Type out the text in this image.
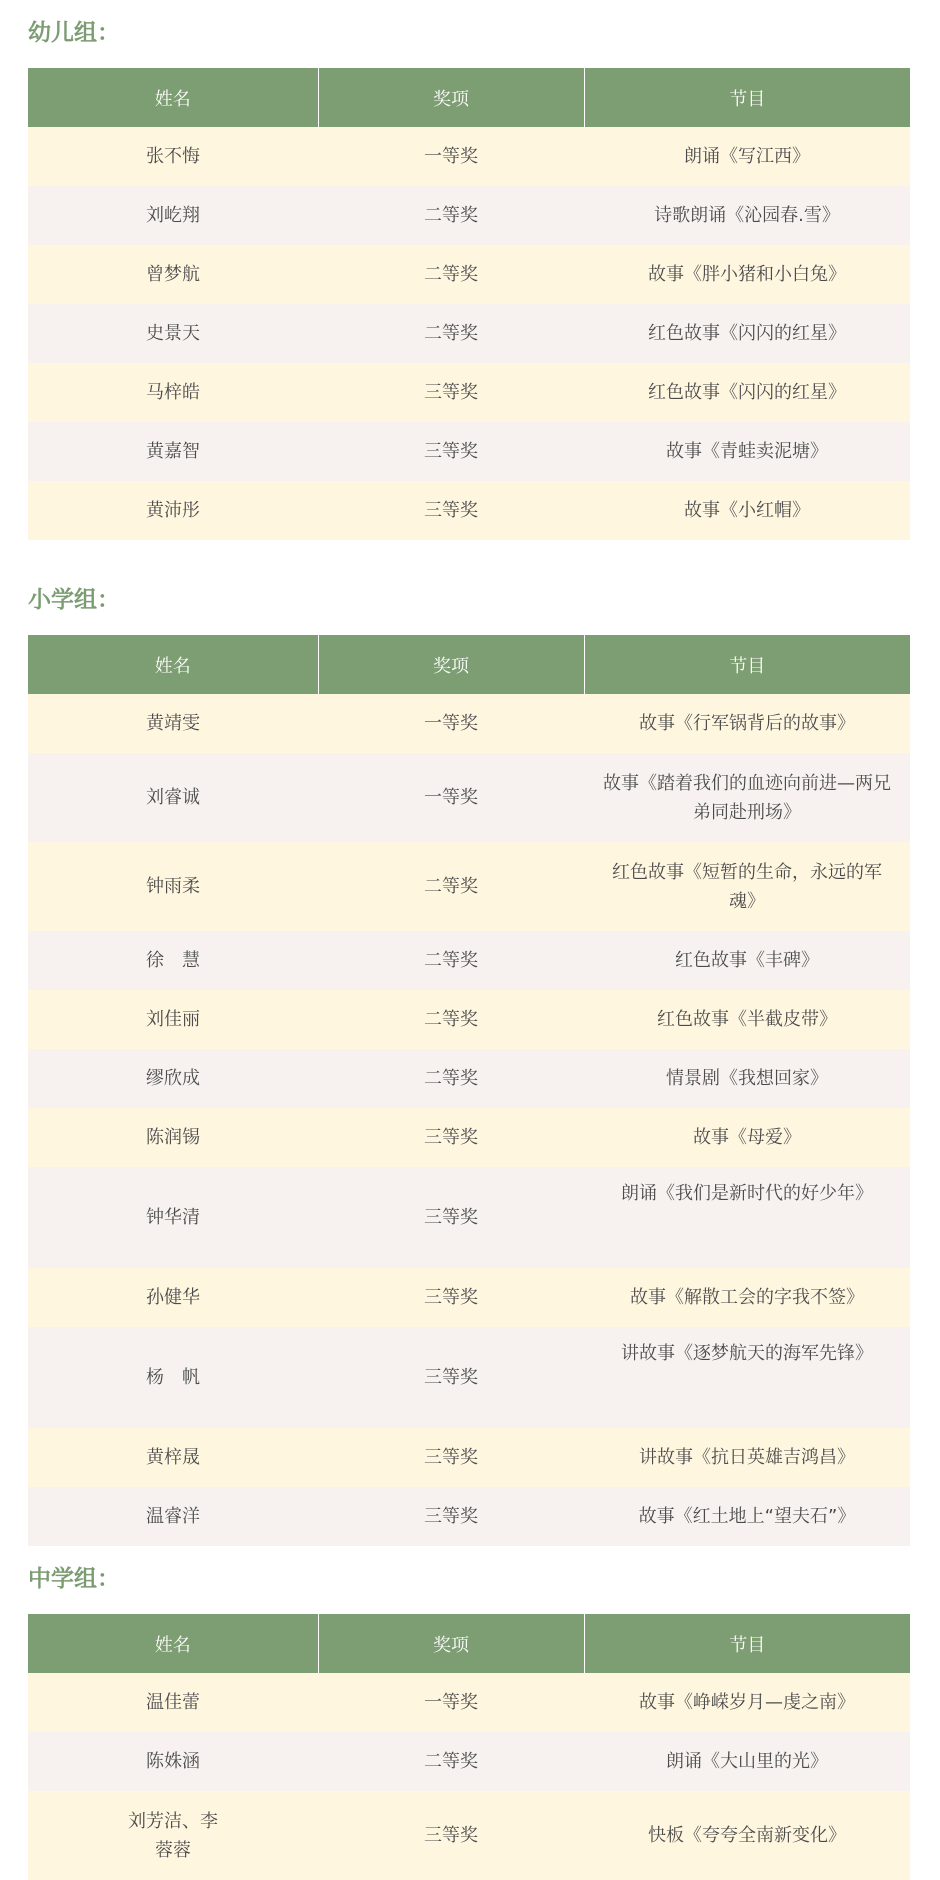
幼儿组：
姓名	奖项	节目
张不悔	一等奖	朗诵《写江西》
刘屹翔	二等奖	诗歌朗诵《沁园春.雪》
曾梦航	二等奖	故事《胖小猪和小白兔》
史景天	二等奖	红色故事《闪闪的红星》
马梓皓	三等奖	红色故事《闪闪的红星》
黄嘉智	三等奖	故事《青蛙卖泥塘》
黄沛彤	三等奖	故事《小红帽》
小学组：
姓名	奖项	节目
黄靖雯	一等奖	故事《行军锅背后的故事》
刘睿诚	一等奖	故事《踏着我们的血迹向前进—两兄弟同赴刑场》
钟雨柔	二等奖	红色故事《短暂的生命，永远的军魂》
徐　慧	二等奖	红色故事《丰碑》
刘佳丽	二等奖	红色故事《半截皮带》
缪欣成	二等奖	情景剧《我想回家》
陈润锡	三等奖	故事《母爱》
钟华清	三等奖	朗诵《我们是新时代的好少年》
孙健华	三等奖	故事《解散工会的字我不签》
杨　帆	三等奖	讲故事《逐梦航天的海军先锋》
黄梓晟	三等奖	讲故事《抗日英雄吉鸿昌》
温睿洋	三等奖	故事《红土地上“望夫石”》
中学组：
姓名	奖项	节目
温佳蕾	一等奖	故事《峥嵘岁月—虔之南》
陈姝涵	二等奖	朗诵《大山里的光》
刘芳洁、李蓉蓉	三等奖	快板《夸夸全南新变化》
